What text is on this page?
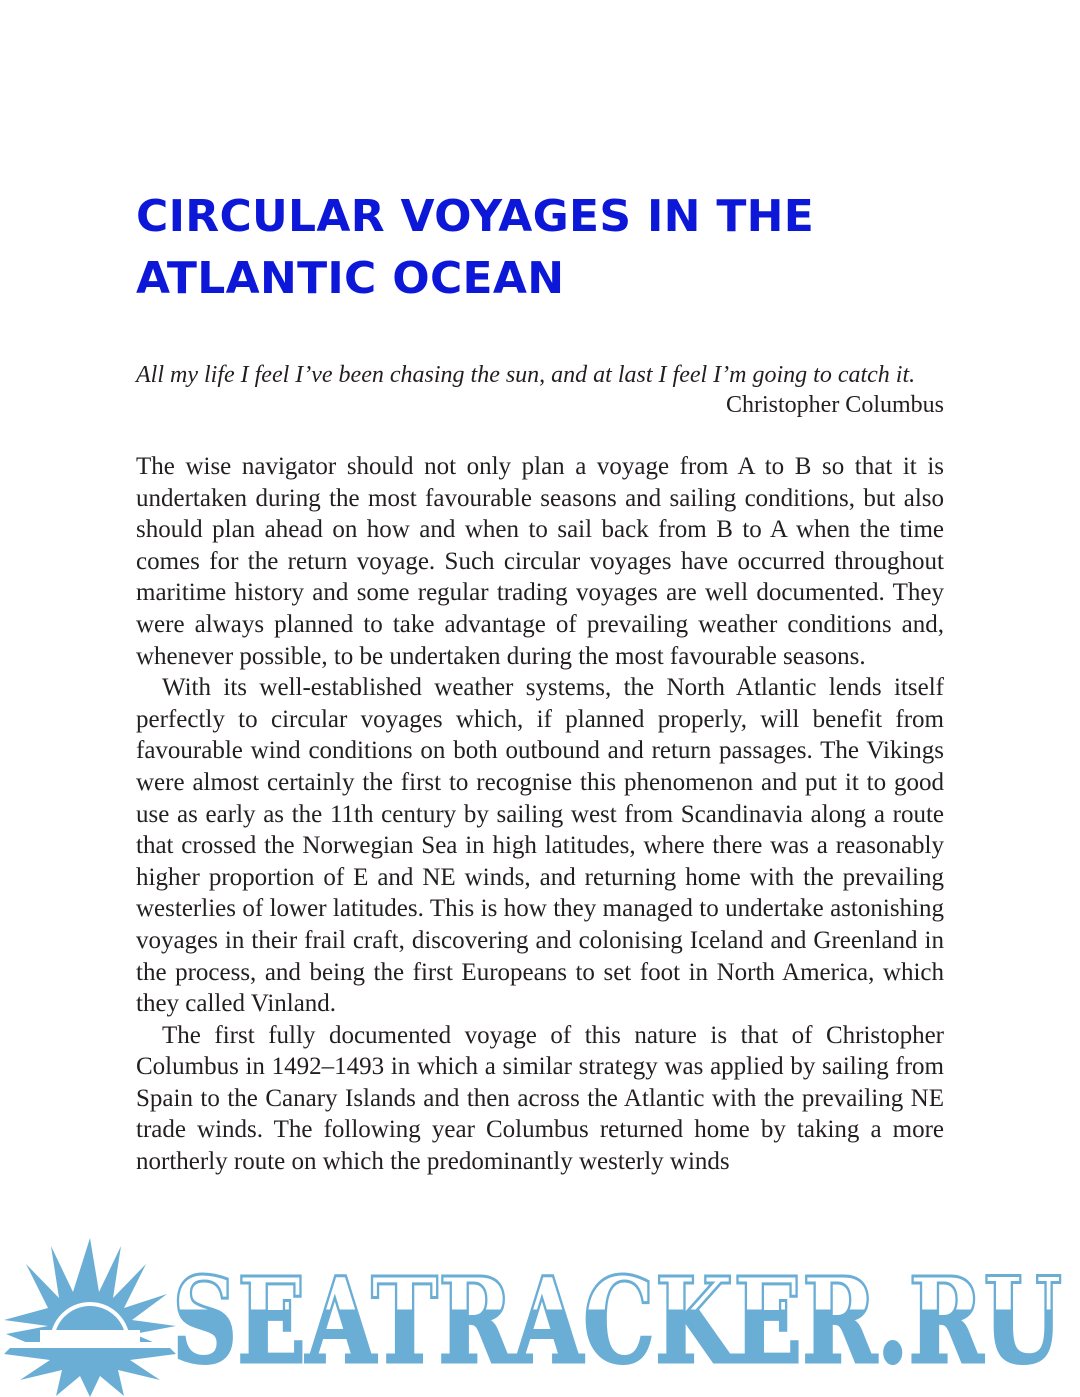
CIRCULAR VOYAGES IN THE ATLANTIC OCEAN
All my life I feel I’ve been chasing the sun, and at last I feel I’m going to catch it.
Christopher Columbus

The wise navigator should not only plan a voyage from A to B so that it is undertaken during the most favourable seasons and sailing conditions, but also should plan ahead on how and when to sail back from B to A when the time comes for the return voyage. Such circular voyages have occurred throughout maritime history and some regular trading voyages are well documented. They were always planned to take advantage of prevailing weather conditions and, whenever possible, to be undertaken during the most favourable seasons.

With its well-established weather systems, the North Atlantic lends itself perfectly to circular voyages which, if planned properly, will benefit from favourable wind conditions on both outbound and return passages. The Vikings were almost certainly the first to recognise this phenomenon and put it to good use as early as the 11th century by sailing west from Scandinavia along a route that crossed the Norwegian Sea in high latitudes, where there was a reasonably higher proportion of E and NE winds, and returning home with the prevailing westerlies of lower latitudes. This is how they managed to undertake astonishing voyages in their frail craft, discovering and colonising Iceland and Greenland in the process, and being the first Europeans to set foot in North America, which they called Vinland.

The first fully documented voyage of this nature is that of Christopher Columbus in 1492–1493 in which a similar strategy was applied by sailing from Spain to the Canary Islands and then across the Atlantic with the prevailing NE trade winds. The following year Columbus returned home by taking a more northerly route on which the predominantly westerly winds

SEATRACKER.RU
